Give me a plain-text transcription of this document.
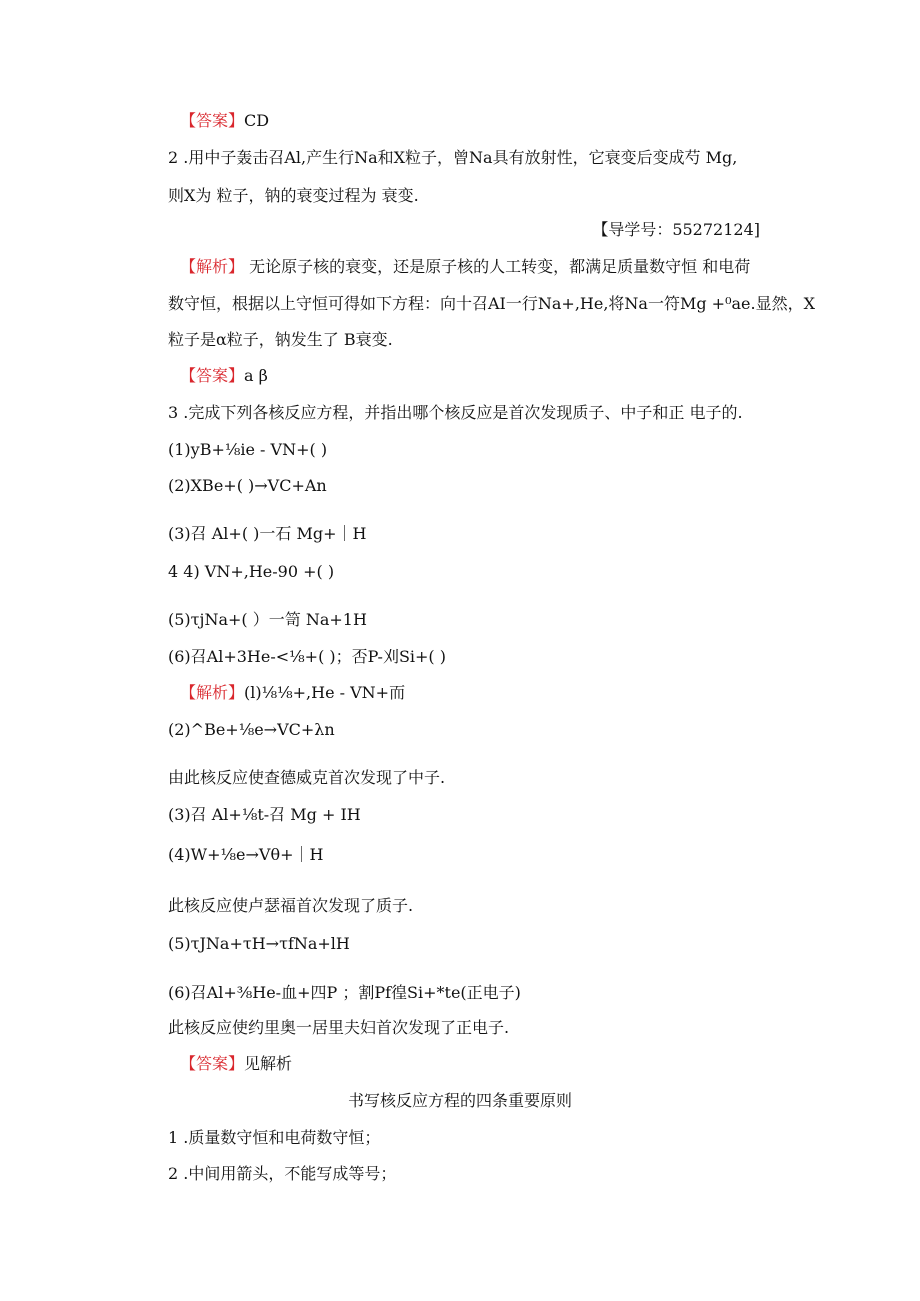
【答案】CD
2 .用中子轰击召Al,产生行Na和X粒子，曾Na具有放射性，它衰变后变成芍 Mg,
则X为 粒子，钠的衰变过程为 衰变.
【导学号：55272124]
【解析】 无论原子核的衰变，还是原子核的人工转变，都满足质量数守恒 和电荷
数守恒，根据以上守恒可得如下方程：向十召AI一行Na+,He,将Na一符Mg +⁰ae.显然，X
粒子是α粒子，钠发生了 B衰变.
【答案】a β
3 .完成下列各核反应方程，并指出哪个核反应是首次发现质子、中子和正 电子的.
(1)yB+⅛ie - VN+( )
(2)XBe+( )→VC+An
(3)召 Al+( )一石 Mg+｜H
4 4) VN+,He-90 +( )
(5)τjNa+( ）一笥 Na+1H
(6)召Al+3He-<⅛+( )；否P-刈Si+( )
【解析】(l)⅛⅛+,He - VN+而
(2)^Be+⅛e→VC+λn
由此核反应使查德威克首次发现了中子.
(3)召 Al+⅛t-召 Mg + IH
(4)W+⅛e→Vθ+｜H
此核反应使卢瑟福首次发现了质子.
(5)τJNa+τH→τfNa+lH
(6)召Al+⅜He-血+四P ；割Pf徨Si+*te(正电子)
此核反应使约里奥一居里夫妇首次发现了正电子.
【答案】见解析
书写核反应方程的四条重要原则
1 .质量数守恒和电荷数守恒；
2 .中间用箭头，不能写成等号；
